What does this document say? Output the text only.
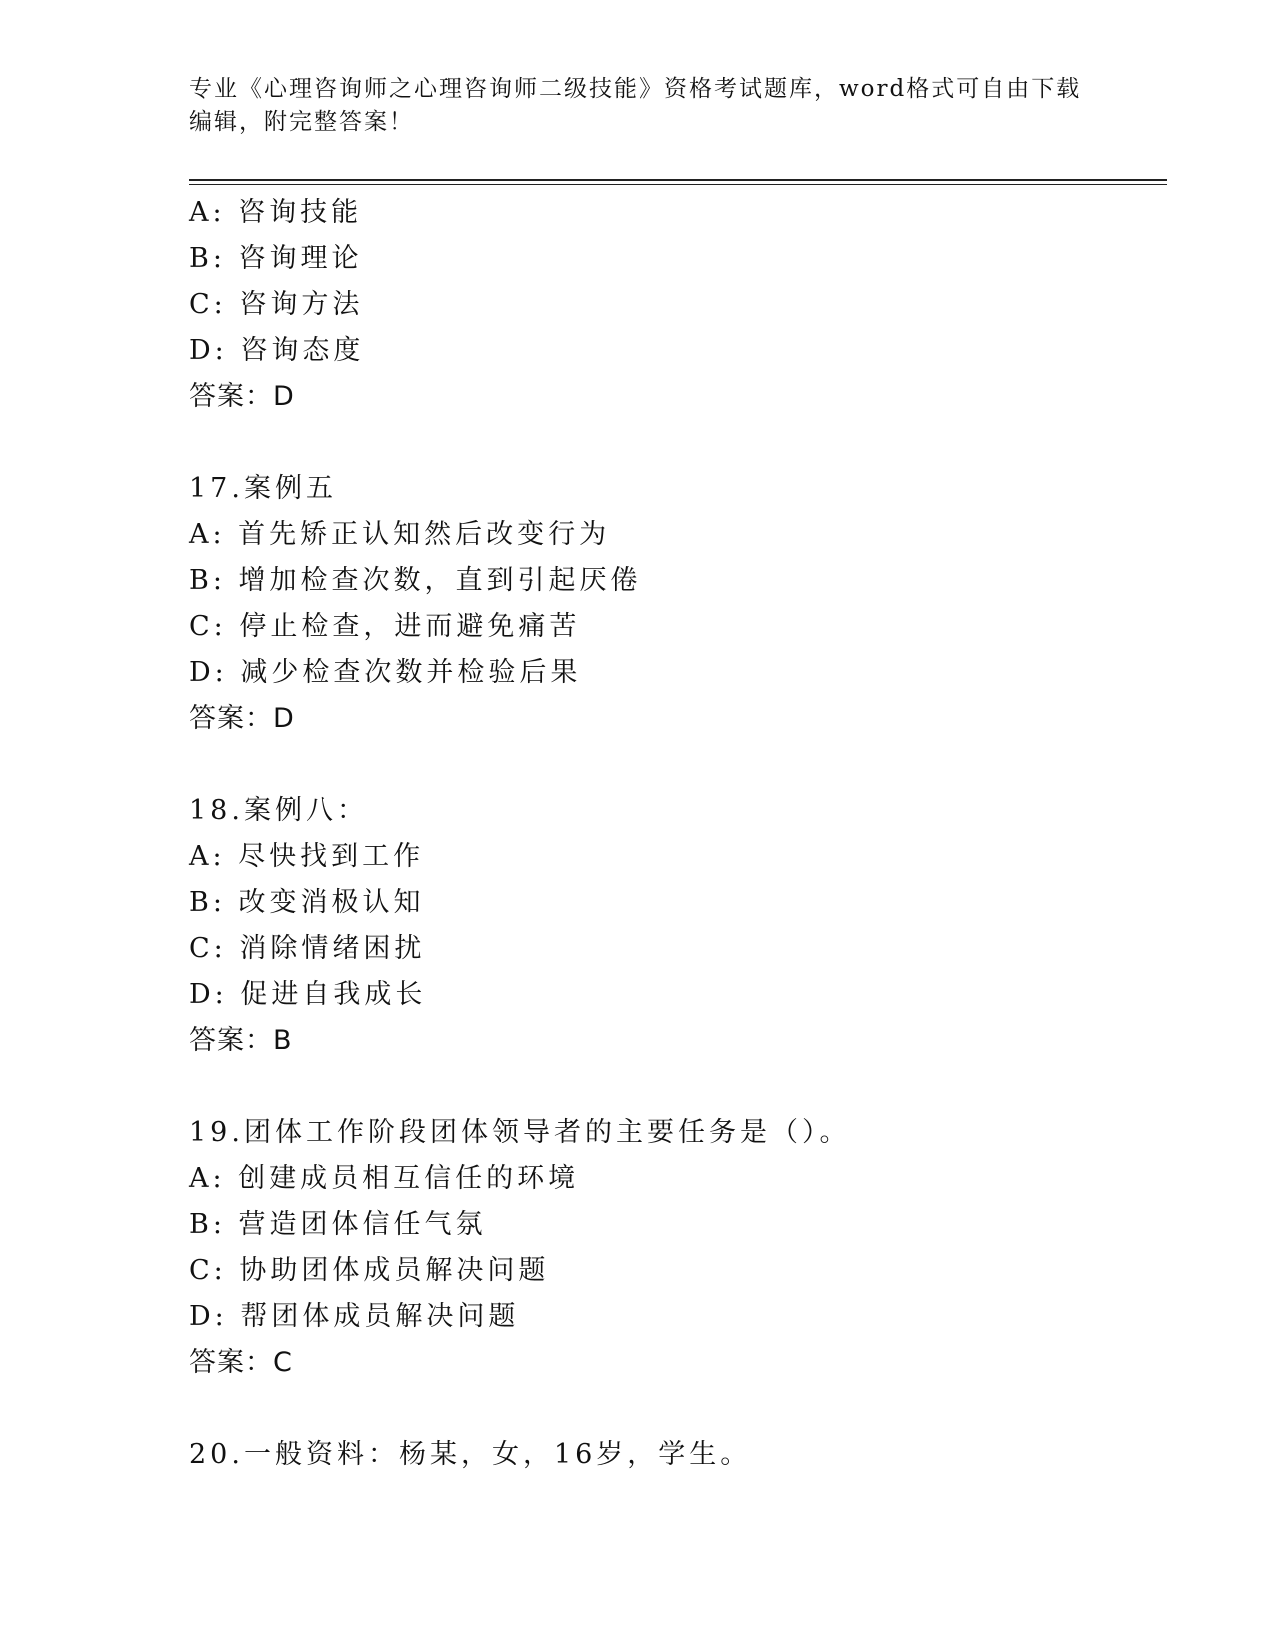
专业《心理咨询师之心理咨询师二级技能》资格考试题库，word格式可自由下载
编辑，附完整答案！
A: 咨询技能
B: 咨询理论
C: 咨询方法
D: 咨询态度
答案：D
17.案例五
A: 首先矫正认知然后改变行为
B: 增加检查次数，直到引起厌倦
C: 停止检查，进而避免痛苦
D: 减少检查次数并检验后果
答案：D
18.案例八：
A: 尽快找到工作
B: 改变消极认知
C: 消除情绪困扰
D: 促进自我成长
答案：B
19.团体工作阶段团体领导者的主要任务是（）。
A: 创建成员相互信任的环境
B: 营造团体信任气氛
C: 协助团体成员解决问题
D: 帮团体成员解决问题
答案：C
20.一般资料：杨某，女，16岁，学生。
